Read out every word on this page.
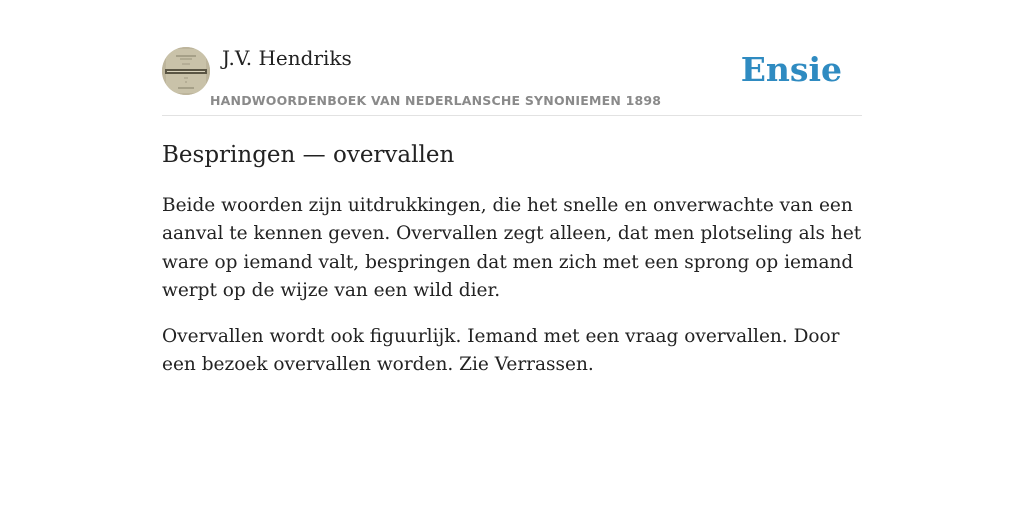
J.V. Hendriks
HANDWOORDENBOEK VAN NEDERLANSCHE SYNONIEMEN 1898
Ensie
Bespringen — overvallen

Beide woorden zijn uitdrukkingen, die het snelle en onverwachte van een aanval te kennen geven. Overvallen zegt alleen, dat men plotseling als het ware op iemand valt, bespringen dat men zich met een sprong op iemand werpt op de wijze van een wild dier.

Overvallen wordt ook figuurlijk. Iemand met een vraag overvallen. Door een bezoek overvallen worden. Zie Verrassen.
